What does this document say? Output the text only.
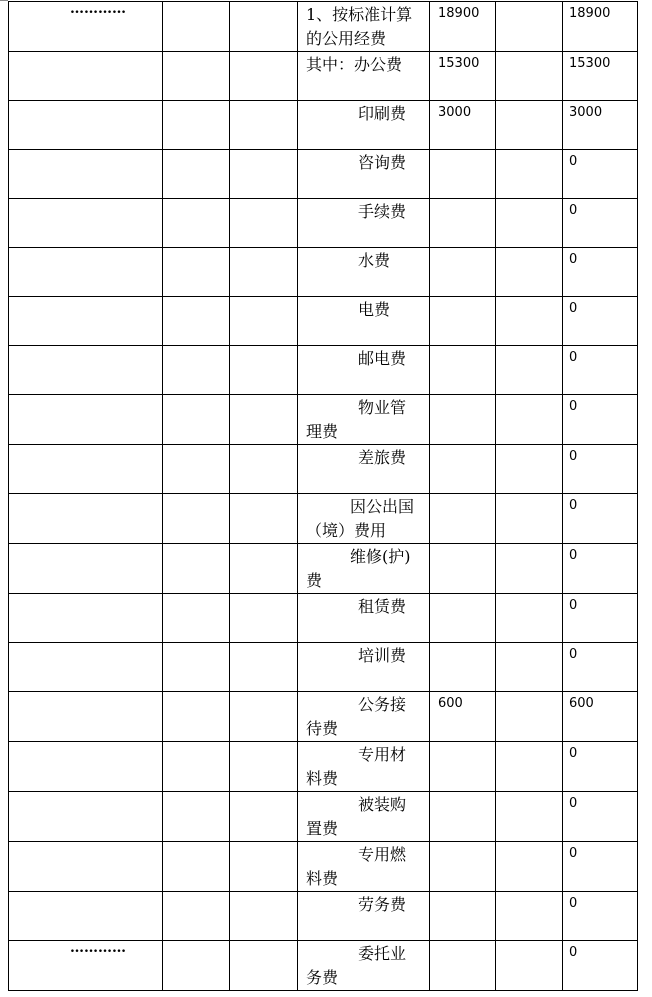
…………			1、按标准计算的公用经费	18900		18900

			其中：办公费	15300		15300

			印刷费	3000		3000

			咨询费			0

			手续费			0

			水费			0

			电费			0

			邮电费			0

			物业管
理费			0

			差旅费			0

			因公出国
（境）费用			0

			维修(护)
费			0

			租赁费			0

			培训费			0

			公务接
待费	600		600

			专用材
料费			0

			被装购
置费			0

			专用燃
料费			0

			劳务费			0

…………			委托业
务费			0
